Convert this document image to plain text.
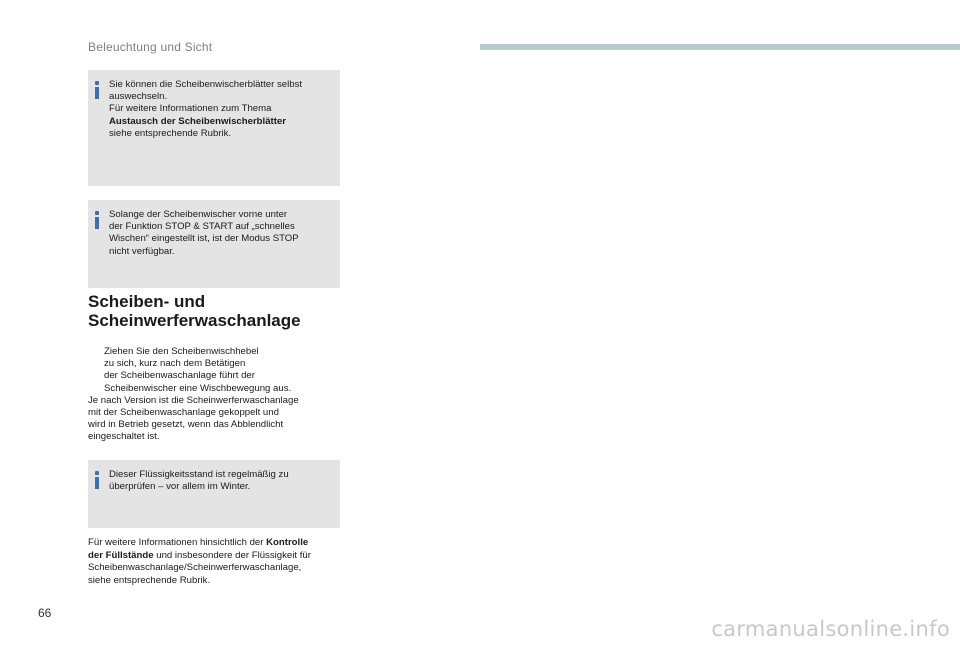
Beleuchtung und Sicht
Sie können die Scheibenwischerblätter selbst
auswechseln.
Für weitere Informationen zum Thema
Austausch der Scheibenwischerblätter
siehe entsprechende Rubrik.
Solange der Scheibenwischer vorne unter
der Funktion STOP & START auf „schnelles
Wischen“ eingestellt ist, ist der Modus STOP
nicht verfügbar.
Scheiben- und
Scheinwerferwaschanlage
Ziehen Sie den Scheibenwischhebel
zu sich, kurz nach dem Betätigen
der Scheibenwaschanlage führt der
Scheibenwischer eine Wischbewegung aus.
Je nach Version ist die Scheinwerferwaschanlage
mit der Scheibenwaschanlage gekoppelt und
wird in Betrieb gesetzt, wenn das Abblendlicht
eingeschaltet ist.
Dieser Flüssigkeitsstand ist regelmäßig zu
überprüfen – vor allem im Winter.
Für weitere Informationen hinsichtlich der Kontrolle
der Füllstände und insbesondere der Flüssigkeit für
Scheibenwaschanlage/Scheinwerferwaschanlage,
siehe entsprechende Rubrik.
66
carmanualsonline.info
